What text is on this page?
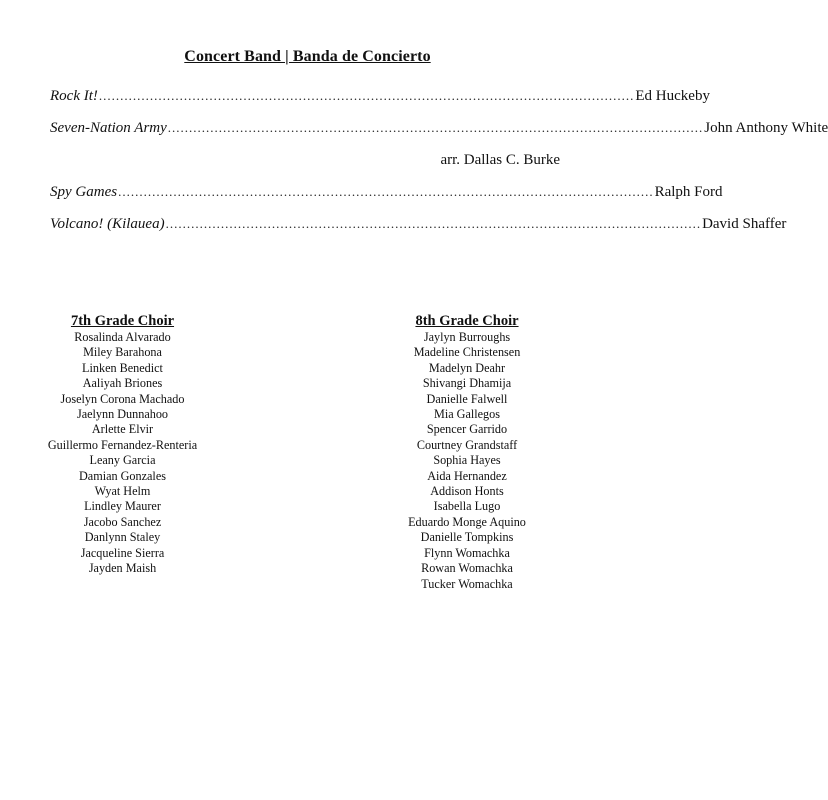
Concert Band | Banda de Concierto
Rock It! .............................................................................................................................. Ed Huckeby
Seven-Nation Army .............................................................................................................................. John Anthony White
arr. Dallas C. Burke
Spy Games .............................................................................................................................. Ralph Ford
Volcano! (Kilauea) .............................................................................................................................. David Shaffer
7th Grade Choir
Rosalinda Alvarado
Miley Barahona
Linken Benedict
Aaliyah Briones
Joselyn Corona Machado
Jaelynn Dunnahoo
Arlette Elvir
Guillermo Fernandez-Renteria
Leany Garcia
Damian Gonzales
Wyat Helm
Lindley Maurer
Jacobo Sanchez
Danlynn Staley
Jacqueline Sierra
Jayden Maish
8th Grade Choir
Jaylyn Burroughs
Madeline Christensen
Madelyn Deahr
Shivangi Dhamija
Danielle Falwell
Mia Gallegos
Spencer Garrido
Courtney Grandstaff
Sophia Hayes
Aida Hernandez
Addison Honts
Isabella Lugo
Eduardo Monge Aquino
Danielle Tompkins
Flynn Womachka
Rowan Womachka
Tucker Womachka
